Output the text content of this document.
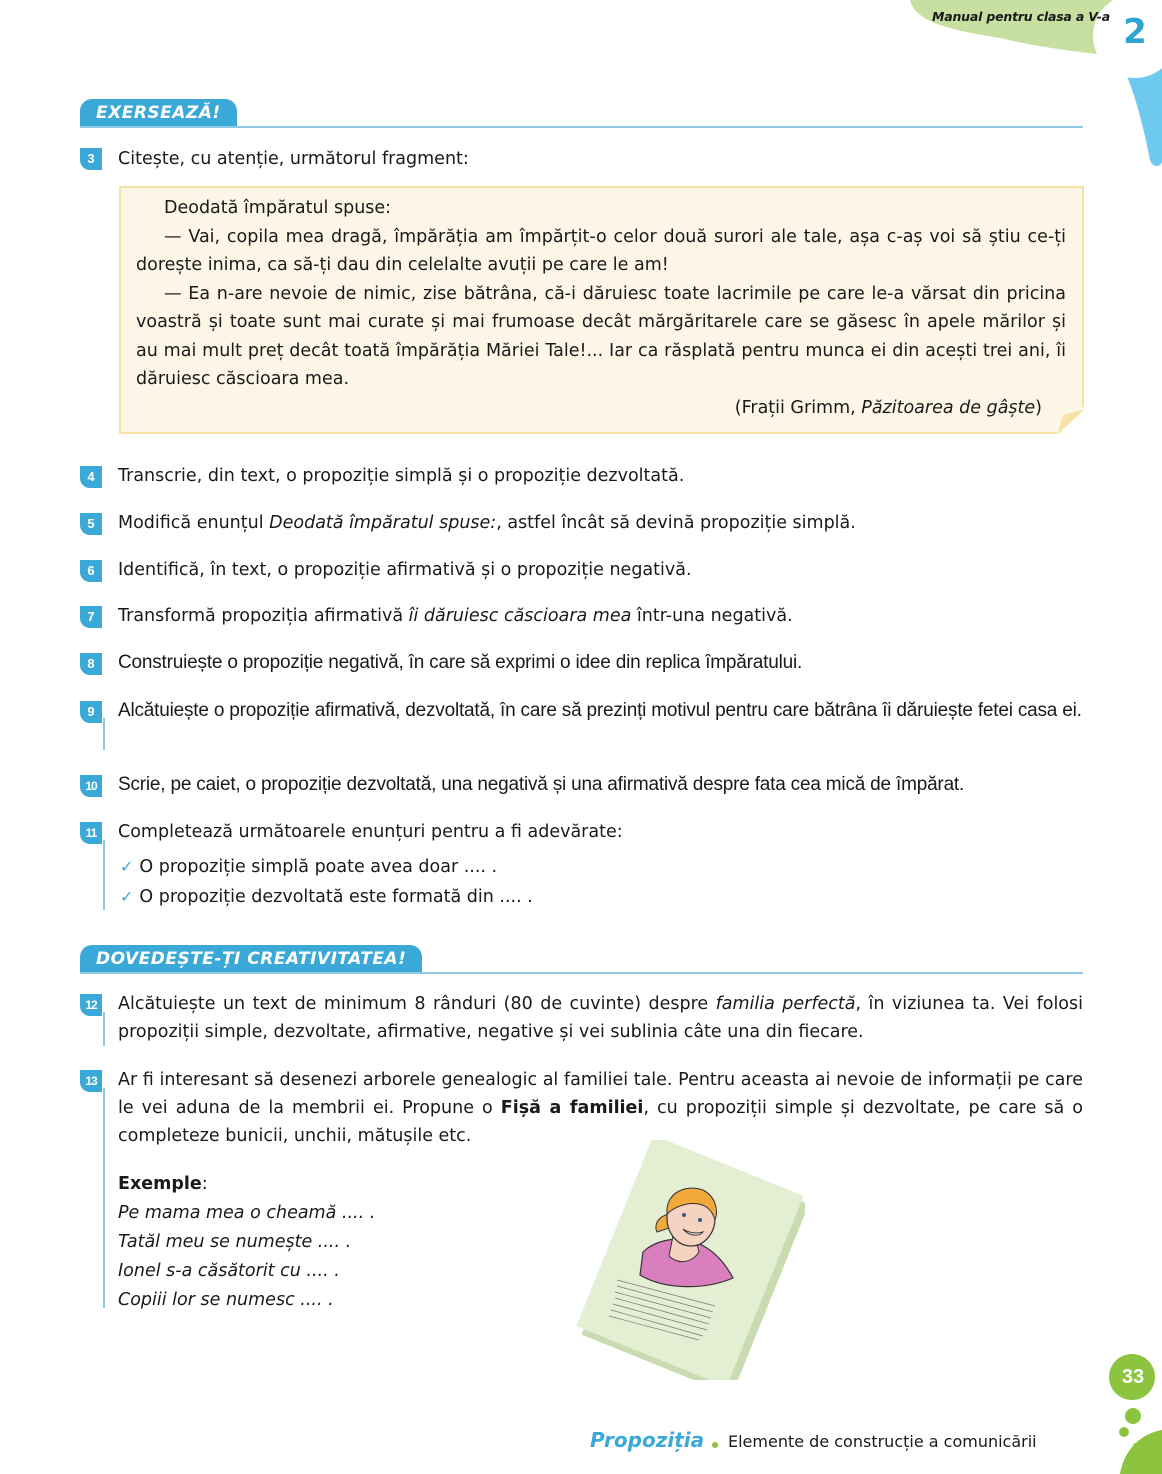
Manual pentru clasa a V-a 2
EXERSEAZĂ!
3	Citește, cu atenție, următorul fragment:
Deodată împăratul spuse:
— Vai, copila mea dragă, împărăția am împărțit-o celor două surori ale tale, așa c-aș voi să știu ce-ți dorește inima, ca să-ți dau din celelalte avuții pe care le am!
— Ea n-are nevoie de nimic, zise bătrâna, că-i dăruiesc toate lacrimile pe care le-a vărsat din pricina voastră și toate sunt mai curate și mai frumoase decât mărgăritarele care se găsesc în apele mărilor și au mai mult preț decât toată împărăția Măriei Tale!... Iar ca răsplată pentru munca ei din acești trei ani, îi dăruiesc căscioara mea.
(Frații Grimm, Păzitoarea de gâște)
4	Transcrie, din text, o propoziție simplă și o propoziție dezvoltată.
5	Modifică enunțul Deodată împăratul spuse:, astfel încât să devină propoziție simplă.
6	Identifică, în text, o propoziție afirmativă și o propoziție negativă.
7	Transformă propoziția afirmativă îi dăruiesc căscioara mea într-una negativă.
8	Construiește o propoziție negativă, în care să exprimi o idee din replica împăratului.
9	Alcătuiește o propoziție afirmativă, dezvoltată, în care să prezinți motivul pentru care bătrâna îi dăruiește fetei casa ei.
10 Scrie, pe caiet, o propoziție dezvoltată, una negativă și una afirmativă despre fata cea mică de împărat.
11	Completează următoarele enunțuri pentru a fi adevărate:
✓ O propoziție simplă poate avea doar .... .
✓ O propoziție dezvoltată este formată din .... .
DOVEDEȘTE-ȚI CREATIVITATEA!
12	Alcătuiește un text de minimum 8 rânduri (80 de cuvinte) despre familia perfectă, în viziunea ta. Vei folosi propoziții simple, dezvoltate, afirmative, negative și vei sublinia câte una din fiecare.
13	Ar fi interesant să desenezi arborele genealogic al familiei tale. Pentru aceasta ai nevoie de informații pe care le vei aduna de la membrii ei. Propune o Fișă a familiei, cu propoziții simple și dezvoltate, pe care să o completeze bunicii, unchii, mătușile etc.
Exemple:
Pe mama mea o cheamă .... .
Tatăl meu se numește .... .
Ionel s-a căsătorit cu .... .
Copiii lor se numesc .... .
33
Propoziția Elemente de construcție a comunicării
